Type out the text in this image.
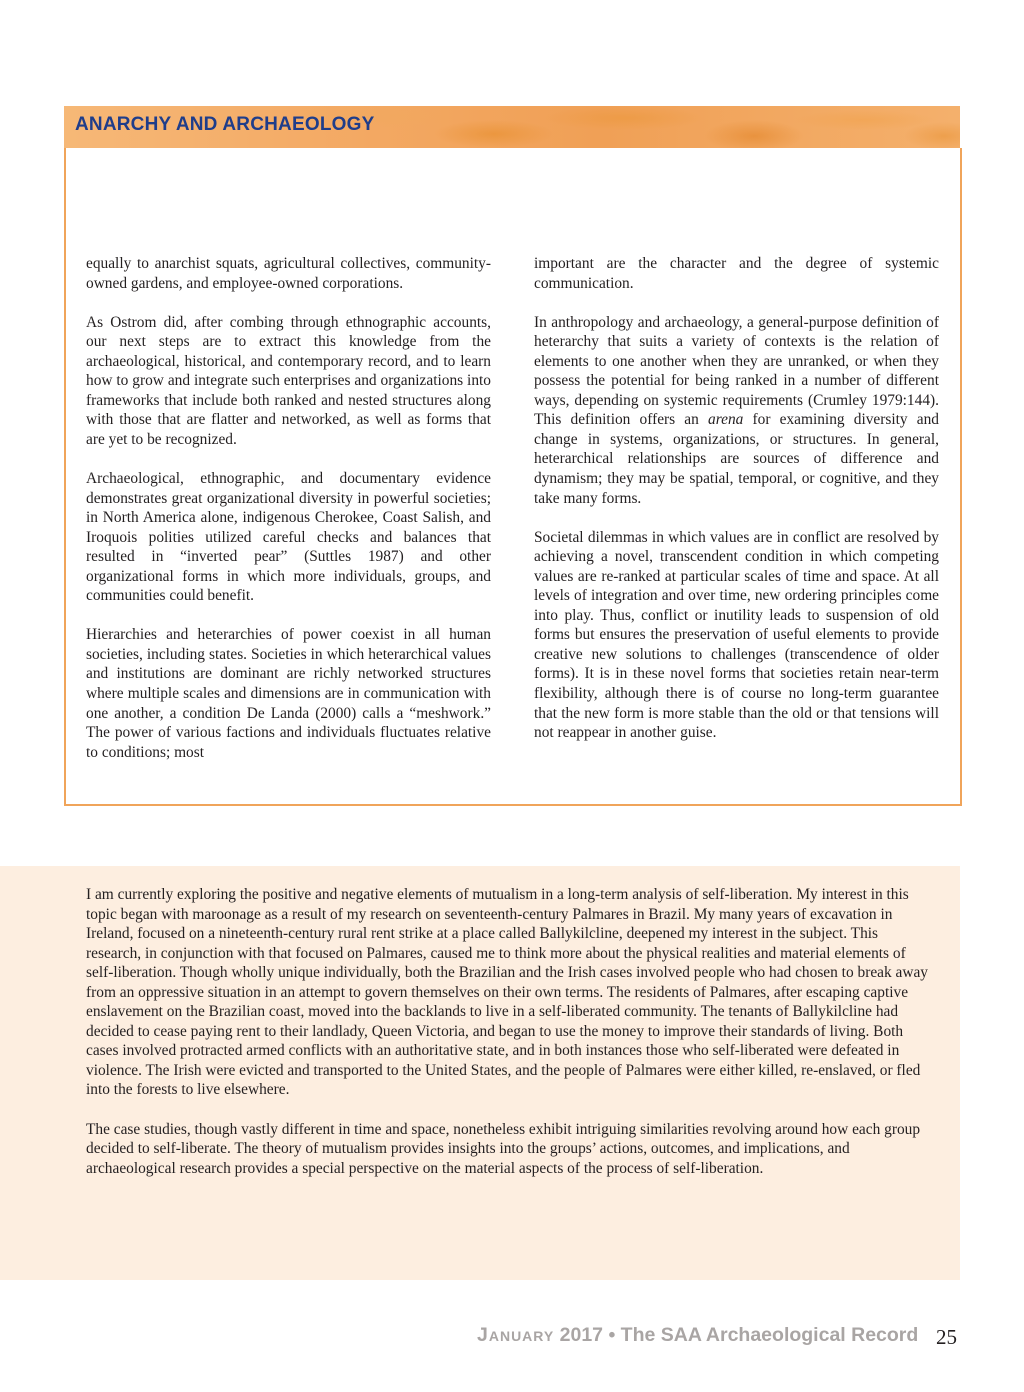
ANARCHY AND ARCHAEOLOGY

equally to anarchist squats, agricultural collectives, community-owned gardens, and employee-owned corporations.

As Ostrom did, after combing through ethnographic accounts, our next steps are to extract this knowledge from the archaeological, historical, and contemporary record, and to learn how to grow and integrate such enterprises and organizations into frameworks that include both ranked and nested structures along with those that are flatter and networked, as well as forms that are yet to be recognized.

Archaeological, ethnographic, and documentary evidence demonstrates great organizational diversity in powerful societies; in North America alone, indigenous Cherokee, Coast Salish, and Iroquois polities utilized careful checks and balances that resulted in “inverted pear” (Suttles 1987) and other organizational forms in which more individuals, groups, and communities could benefit.

Hierarchies and heterarchies of power coexist in all human societies, including states. Societies in which heterarchical values and institutions are dominant are richly networked structures where multiple scales and dimensions are in communication with one another, a condition De Landa (2000) calls a “meshwork.” The power of various factions and individuals fluctuates relative to conditions; most

important are the character and the degree of systemic communication.

In anthropology and archaeology, a general-purpose definition of heterarchy that suits a variety of contexts is the relation of elements to one another when they are unranked, or when they possess the potential for being ranked in a number of different ways, depending on systemic requirements (Crumley 1979:144). This definition offers an arena for examining diversity and change in systems, organizations, or structures. In general, heterarchical relationships are sources of difference and dynamism; they may be spatial, temporal, or cognitive, and they take many forms.

Societal dilemmas in which values are in conflict are resolved by achieving a novel, transcendent condition in which competing values are re-ranked at particular scales of time and space. At all levels of integration and over time, new ordering principles come into play. Thus, conflict or inutility leads to suspension of old forms but ensures the preservation of useful elements to provide creative new solutions to challenges (transcendence of older forms). It is in these novel forms that societies retain near-term flexibility, although there is of course no long-term guarantee that the new form is more stable than the old or that tensions will not reappear in another guise.

I am currently exploring the positive and negative elements of mutualism in a long-term analysis of self-liberation. My interest in this topic began with maroonage as a result of my research on seventeenth-century Palmares in Brazil. My many years of excavation in Ireland, focused on a nineteenth-century rural rent strike at a place called Ballykilcline, deepened my interest in the subject. This research, in conjunction with that focused on Palmares, caused me to think more about the physical realities and material elements of self-liberation. Though wholly unique individually, both the Brazilian and the Irish cases involved people who had chosen to break away from an oppressive situation in an attempt to govern themselves on their own terms. The residents of Palmares, after escaping captive enslavement on the Brazilian coast, moved into the backlands to live in a self-liberated community. The tenants of Ballykilcline had decided to cease paying rent to their landlady, Queen Victoria, and began to use the money to improve their standards of living. Both cases involved protracted armed conflicts with an authoritative state, and in both instances those who self-liberated were defeated in violence. The Irish were evicted and transported to the United States, and the people of Palmares were either killed, re-enslaved, or fled into the forests to live elsewhere.

The case studies, though vastly different in time and space, nonetheless exhibit intriguing similarities revolving around how each group decided to self-liberate. The theory of mutualism provides insights into the groups’ actions, outcomes, and implications, and archaeological research provides a special perspective on the material aspects of the process of self-liberation.

January 2017 • The SAA Archaeological Record 25
